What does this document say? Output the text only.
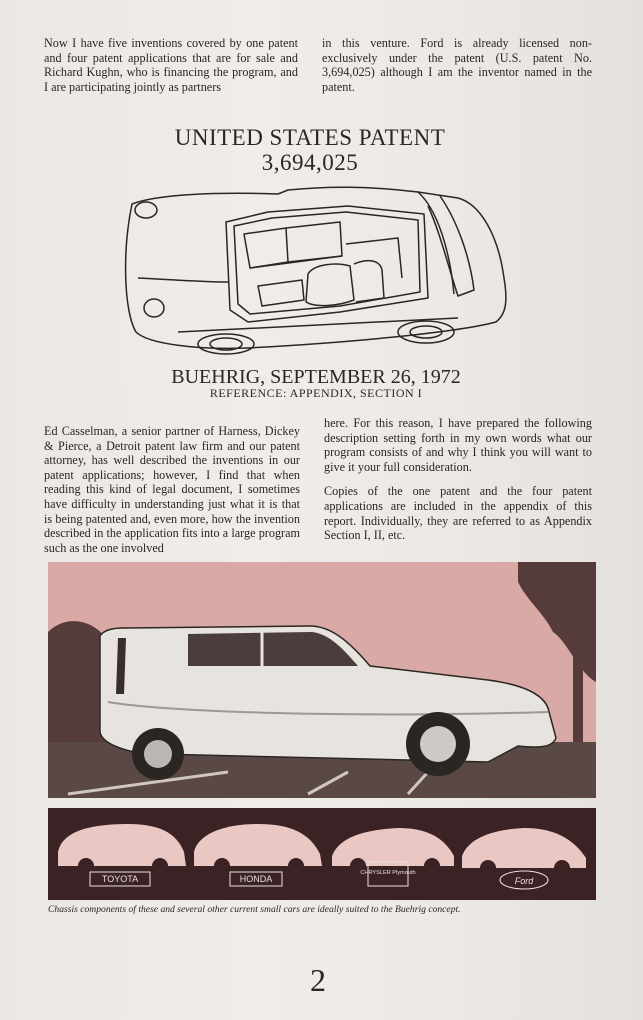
Now I have five inventions covered by one patent and four patent applications that are for sale and Richard Kughn, who is financing the program, and I are participating jointly as partners

in this venture. Ford is already licensed non-exclusively under the patent (U.S. patent No. 3,694,025) although I am the inventor named in the patent.

UNITED STATES PATENT
3,694,025
BUEHRIG, SEPTEMBER 26, 1972
REFERENCE: APPENDIX, SECTION I

Ed Casselman, a senior partner of Harness, Dickey & Pierce, a Detroit patent law firm and our patent attorney, has well described the inventions in our patent applications; however, I find that when reading this kind of legal document, I sometimes have difficulty in understanding just what it is that is being patented and, even more, how the invention described in the application fits into a large program such as the one involved

here. For this reason, I have prepared the following description setting forth in my own words what our program consists of and why I think you will want to give it your full consideration.

Copies of the one patent and the four patent applications are included in the appendix of this report. Individually, they are referred to as Appendix Section I, II, etc.

TOYOTA	HONDA
CHRYSLER Plymouth
Ford
Chassis components of these and several other current small cars are ideally suited to the Buehrig concept.
2
